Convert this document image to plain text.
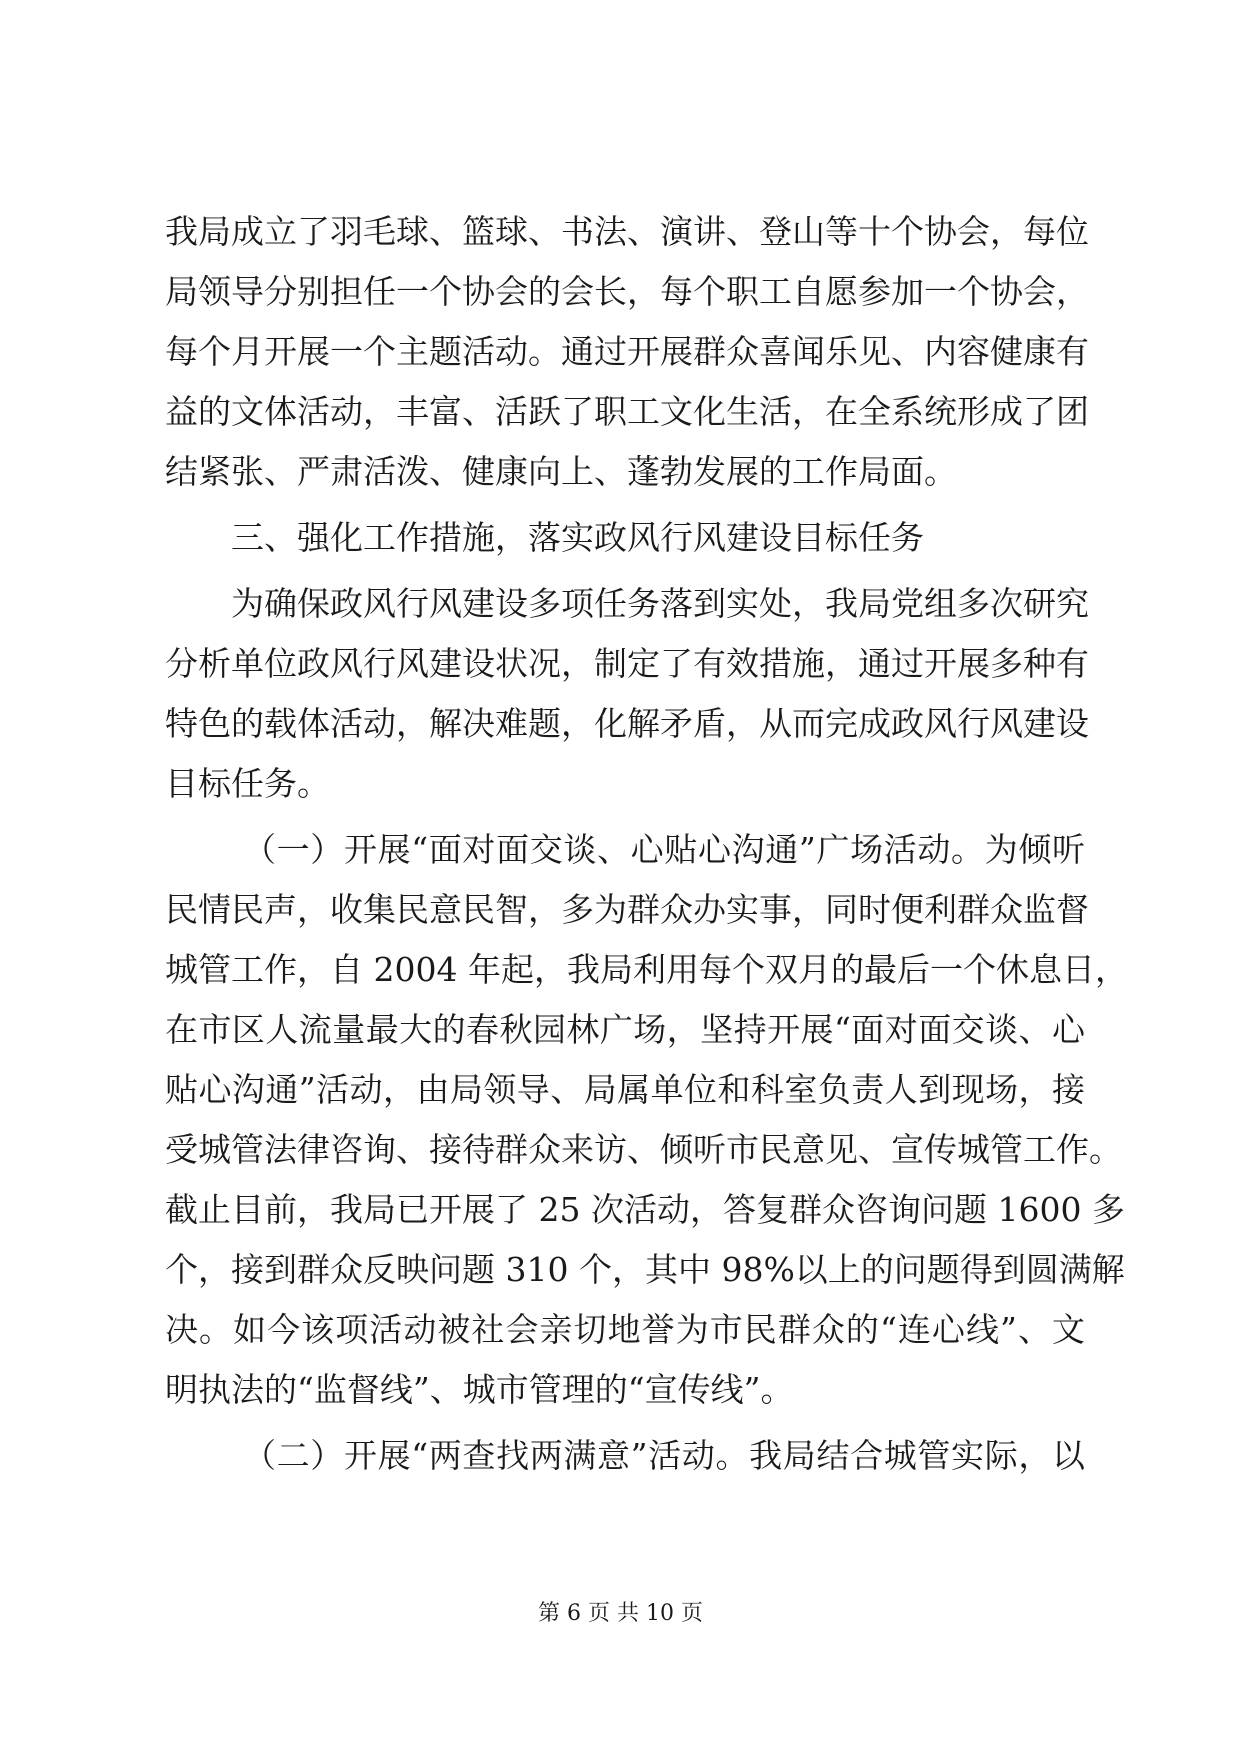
我局成立了羽毛球、篮球、书法、演讲、登山等十个协会，每位
局领导分别担任一个协会的会长，每个职工自愿参加一个协会，
每个月开展一个主题活动。通过开展群众喜闻乐见、内容健康有
益的文体活动，丰富、活跃了职工文化生活，在全系统形成了团
结紧张、严肃活泼、健康向上、蓬勃发展的工作局面。
三、强化工作措施，落实政风行风建设目标任务
为确保政风行风建设多项任务落到实处，我局党组多次研究
分析单位政风行风建设状况，制定了有效措施，通过开展多种有
特色的载体活动，解决难题，化解矛盾，从而完成政风行风建设
目标任务。
（一）开展“面对面交谈、心贴心沟通”广场活动。为倾听
民情民声，收集民意民智，多为群众办实事，同时便利群众监督
城管工作，自 2004 年起，我局利用每个双月的最后一个休息日，
在市区人流量最大的春秋园林广场，坚持开展“面对面交谈、心
贴心沟通”活动，由局领导、局属单位和科室负责人到现场，接
受城管法律咨询、接待群众来访、倾听市民意见、宣传城管工作。
截止目前，我局已开展了 25 次活动，答复群众咨询问题 1600 多
个，接到群众反映问题 310 个，其中 98%以上的问题得到圆满解
决。如今该项活动被社会亲切地誉为市民群众的“连心线”、文
明执法的“监督线”、城市管理的“宣传线”。
（二）开展“两查找两满意”活动。我局结合城管实际，以
第 6 页 共 10 页
